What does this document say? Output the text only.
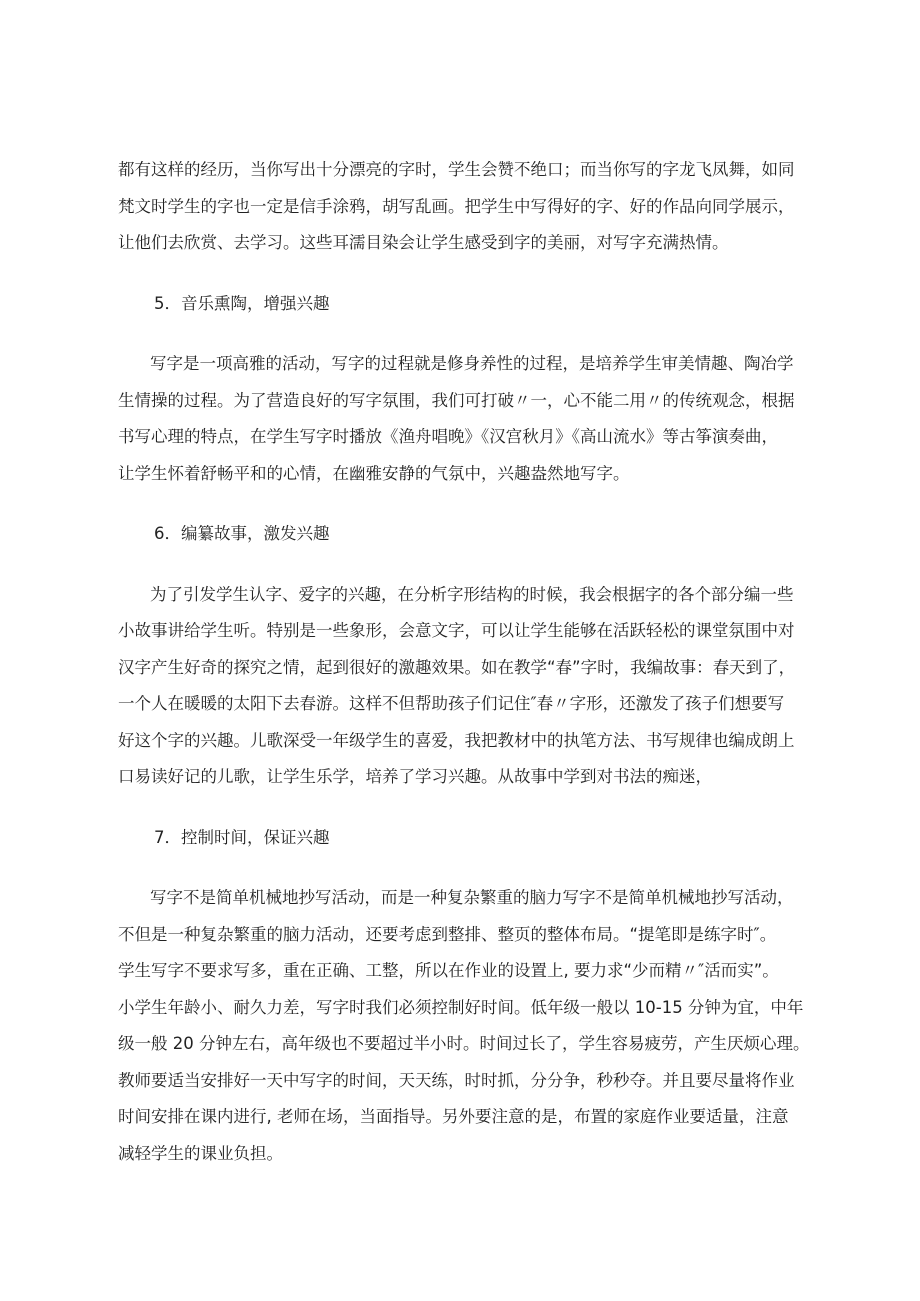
都有这样的经历，当你写出十分漂亮的字时，学生会赞不绝口；而当你写的字龙飞凤舞，如同
梵文时学生的字也一定是信手涂鸦，胡写乱画。把学生中写得好的字、好的作品向同学展示，
让他们去欣赏、去学习。这些耳濡目染会让学生感受到字的美丽，对写字充满热情。

5．音乐熏陶，增强兴趣

写字是一项高雅的活动，写字的过程就是修身养性的过程，是培养学生审美情趣、陶冶学
生情操的过程。为了营造良好的写字氛围，我们可打破〃一，心不能二用〃的传统观念，根据
书写心理的特点，在学生写字时播放《渔舟唱晚》《汉宫秋月》《高山流水》等古筝演奏曲，
让学生怀着舒畅平和的心情，在幽雅安静的气氛中，兴趣盎然地写字。

6．编纂故事，激发兴趣

为了引发学生认字、爱字的兴趣，在分析字形结构的时候，我会根据字的各个部分编一些
小故事讲给学生听。特别是一些象形，会意文字，可以让学生能够在活跃轻松的课堂氛围中对
汉字产生好奇的探究之情，起到很好的激趣效果。如在教学“春”字时，我编故事：春天到了，
一个人在暖暖的太阳下去春游。这样不但帮助孩子们记住″春〃字形，还激发了孩子们想要写
好这个字的兴趣。儿歌深受一年级学生的喜爱，我把教材中的执笔方法、书写规律也编成朗上
口易读好记的儿歌，让学生乐学，培养了学习兴趣。从故事中学到对书法的痴迷，

7．控制时间，保证兴趣

写字不是简单机械地抄写活动，而是一种复杂繁重的脑力写字不是简单机械地抄写活动，
不但是一种复杂繁重的脑力活动，还要考虑到整排、整页的整体布局。“提笔即是练字时″。
学生写字不要求写多，重在正确、工整，所以在作业的设置上, 要力求“少而精〃″活而实”。
小学生年龄小、耐久力差，写字时我们必须控制好时间。低年级一般以 10-15 分钟为宜，中年
级一般 20 分钟左右，高年级也不要超过半小时。时间过长了，学生容易疲劳，产生厌烦心理。
教师要适当安排好一天中写字的时间，天天练，时时抓，分分争，秒秒夺。并且要尽量将作业
时间安排在课内进行, 老师在场，当面指导。另外要注意的是，布置的家庭作业要适量，注意
减轻学生的课业负担。
